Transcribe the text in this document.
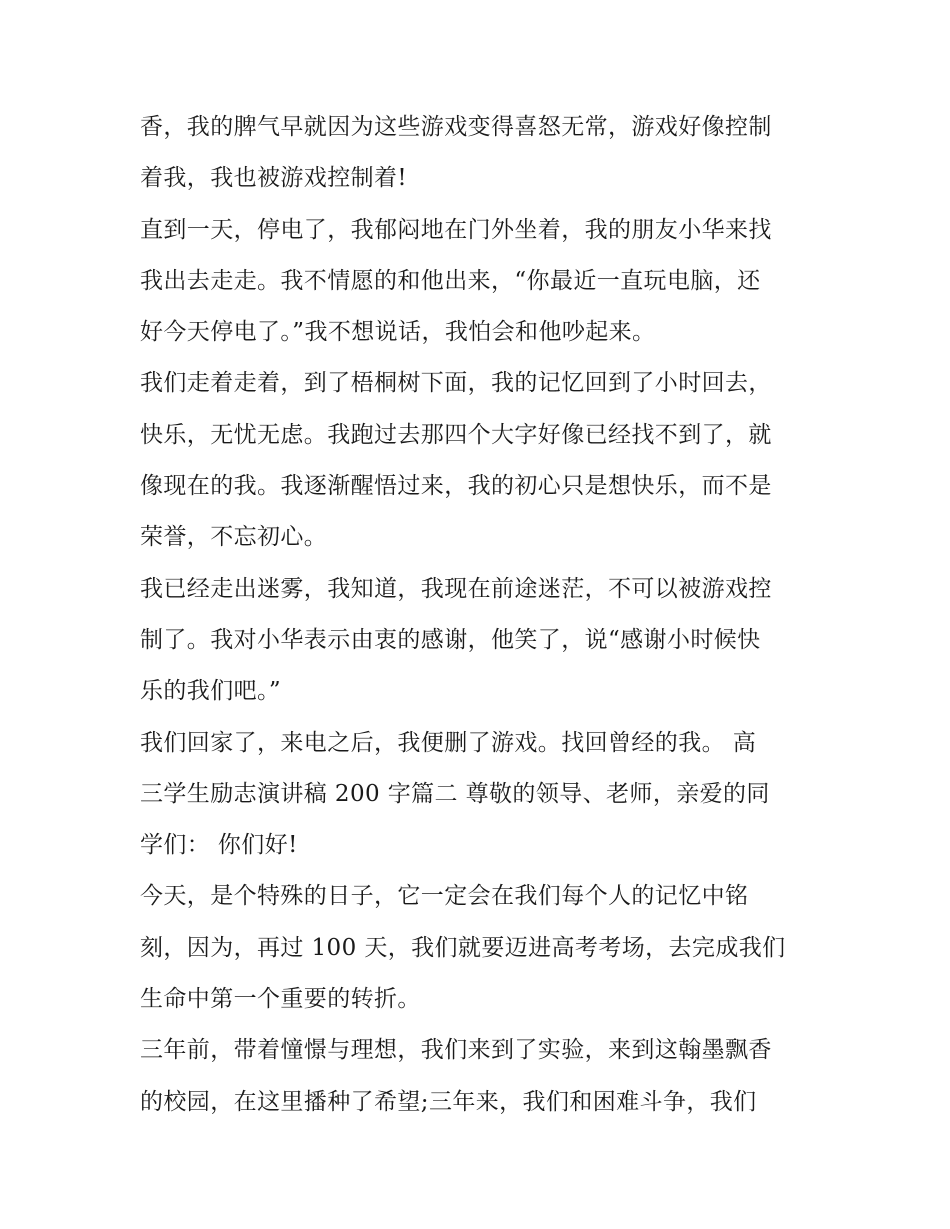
香，我的脾气早就因为这些游戏变得喜怒无常，游戏好像控制
着我，我也被游戏控制着!
直到一天，停电了，我郁闷地在门外坐着，我的朋友小华来找
我出去走走。我不情愿的和他出来，“你最近一直玩电脑，还
好今天停电了。”我不想说话，我怕会和他吵起来。
我们走着走着，到了梧桐树下面，我的记忆回到了小时回去，
快乐，无忧无虑。我跑过去那四个大字好像已经找不到了，就
像现在的我。我逐渐醒悟过来，我的初心只是想快乐，而不是
荣誉，不忘初心。
我已经走出迷雾，我知道，我现在前途迷茫，不可以被游戏控
制了。我对小华表示由衷的感谢，他笑了，说“感谢小时候快
乐的我们吧。”
我们回家了，来电之后，我便删了游戏。找回曾经的我。 高
三学生励志演讲稿 200 字篇二 尊敬的领导、老师，亲爱的同
学们： 你们好!
今天，是个特殊的日子，它一定会在我们每个人的记忆中铭
刻，因为，再过 100 天，我们就要迈进高考考场，去完成我们
生命中第一个重要的转折。
三年前，带着憧憬与理想，我们来到了实验，来到这翰墨飘香
的校园，在这里播种了希望;三年来，我们和困难斗争，我们
